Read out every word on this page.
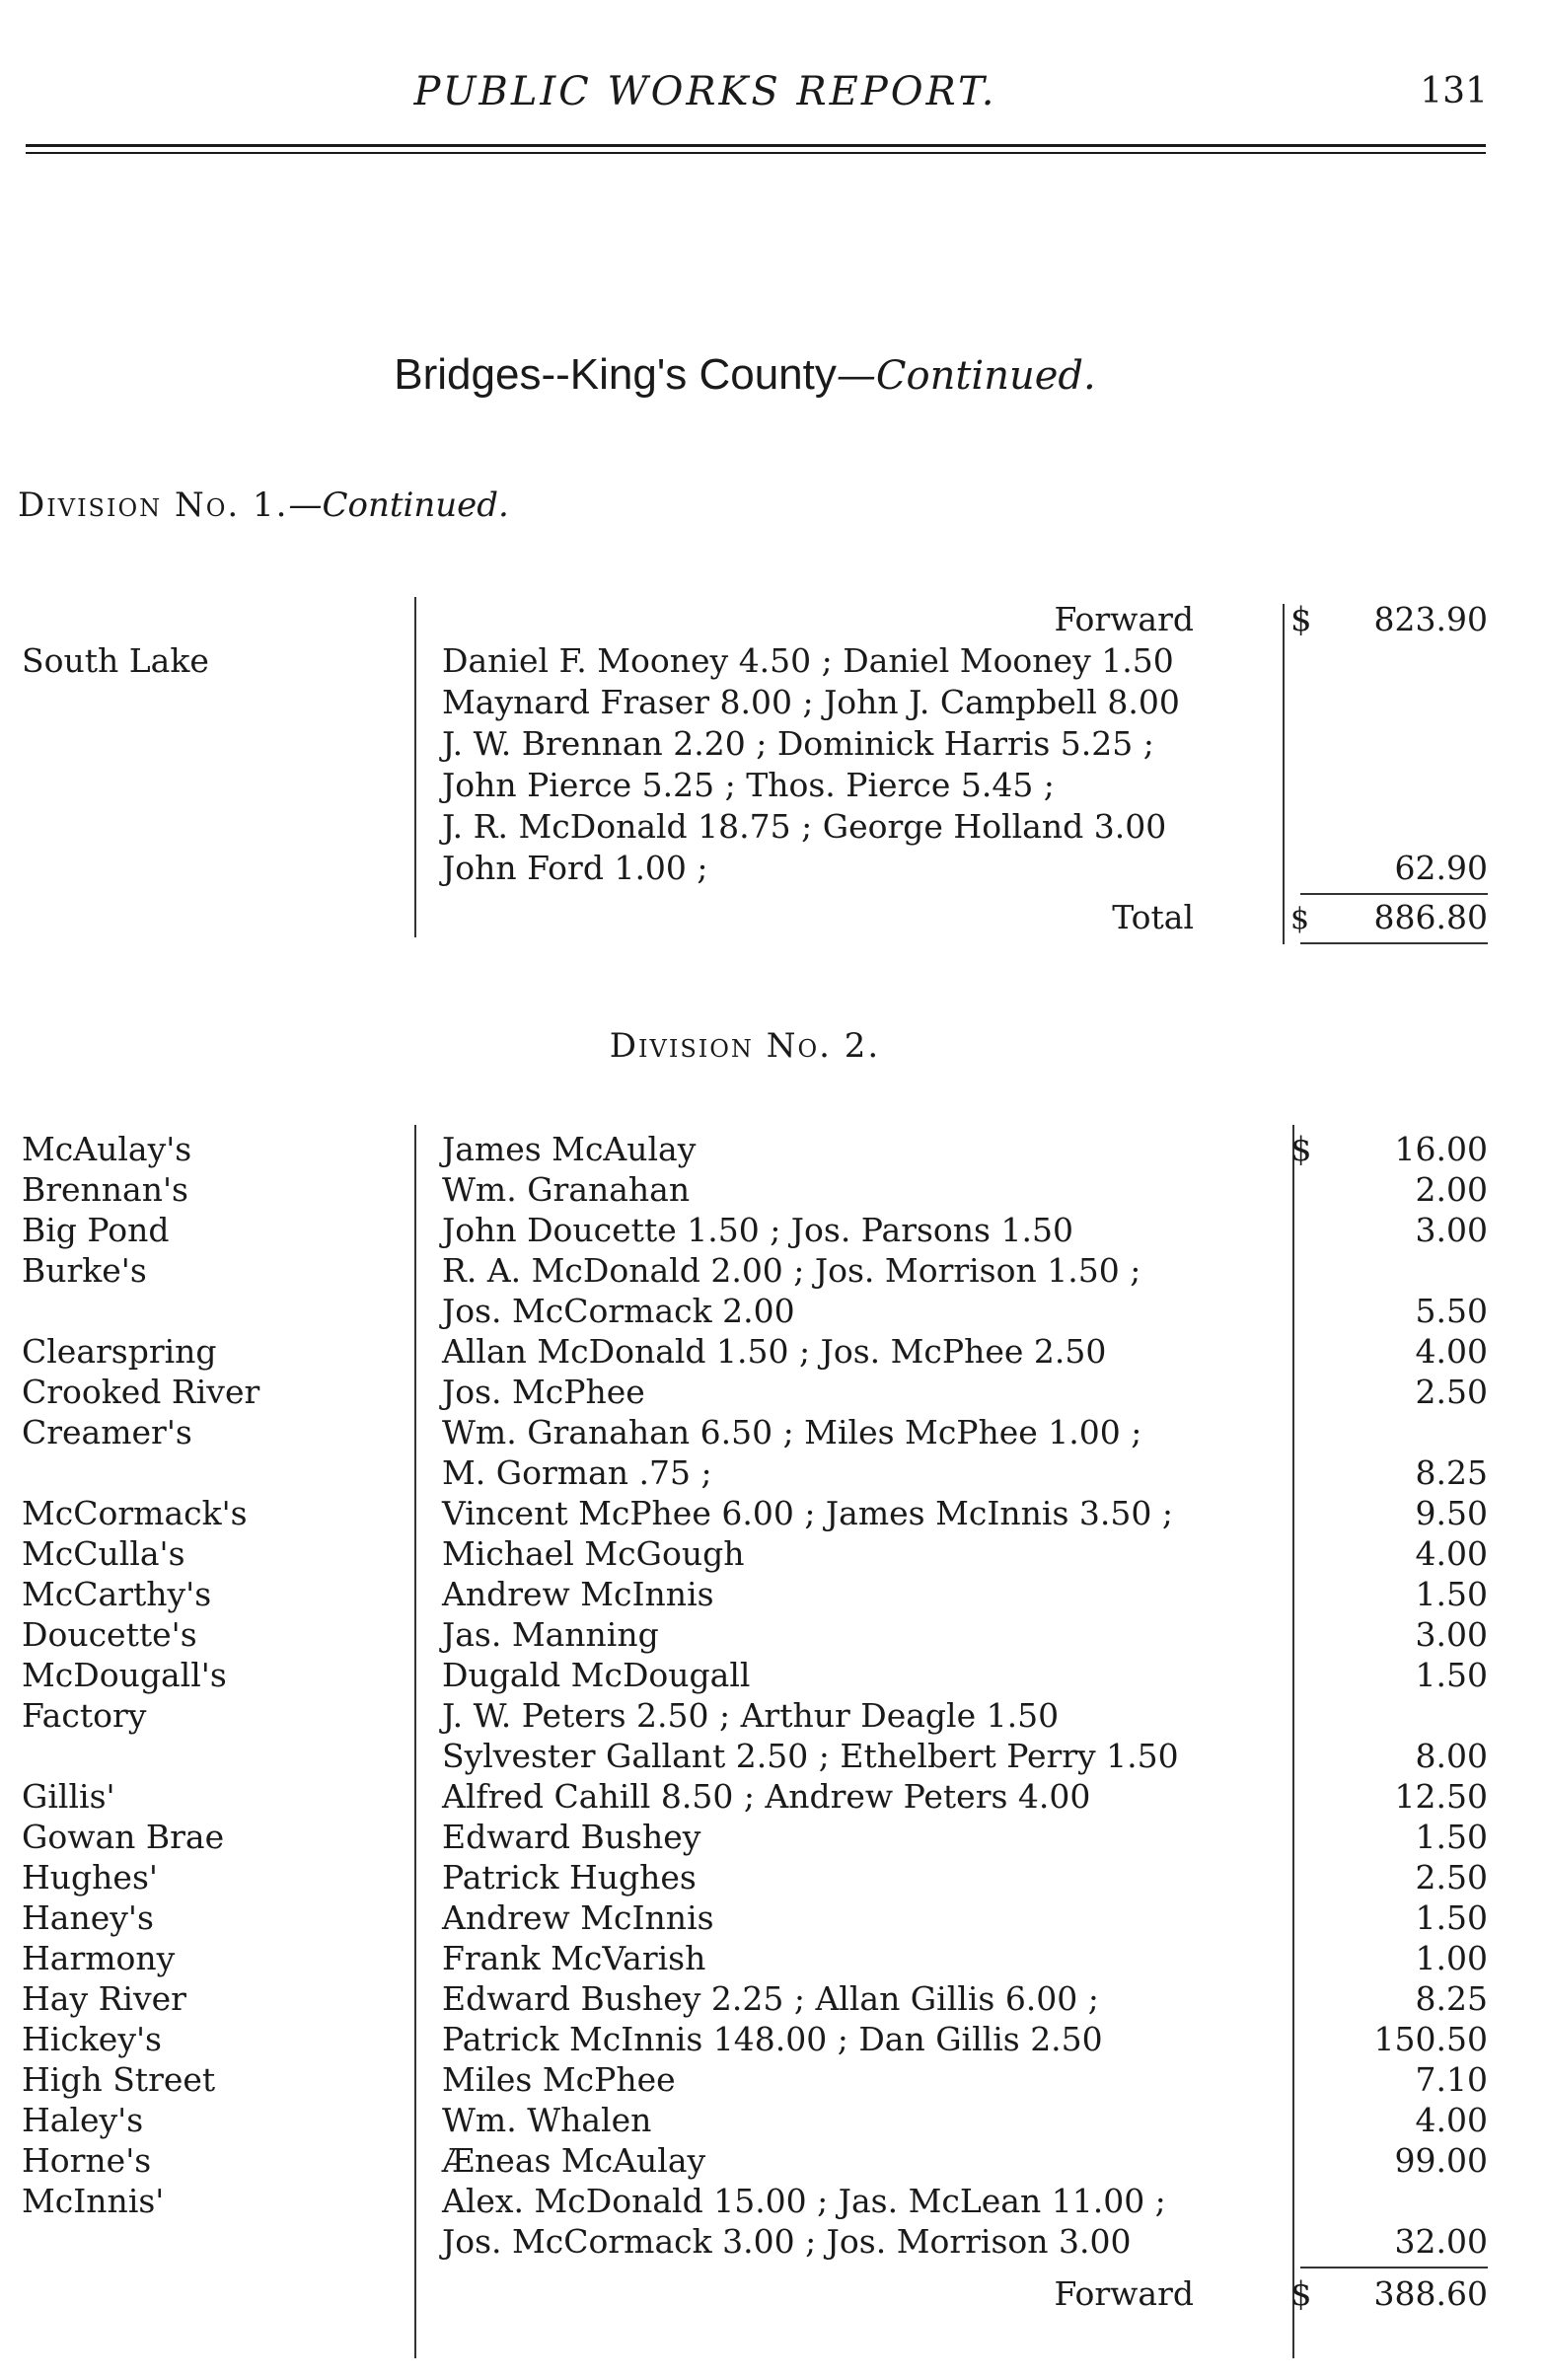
PUBLIC WORKS REPORT.	131
Bridges--King's County—Continued.
Division No. 1.—Continued.
Forward	$ 823.90
South Lake	Daniel F. Mooney 4.50 ; Daniel Mooney 1.50
Maynard Fraser 8.00 ; John J. Campbell 8.00
J. W. Brennan 2.20 ; Dominick Harris 5.25 ;
John Pierce 5.25 ; Thos. Pierce 5.45 ;
J. R. McDonald 18.75 ; George Holland 3.00
John Ford 1.00 ;	62.90
Total	$ 886.80
Division No. 2.
$
McAulay's	James McAulay	16.00
Brennan's	Wm. Granahan	2.00
Big Pond	John Doucette 1.50 ; Jos. Parsons 1.50	3.00
Burke's	R. A. McDonald 2.00 ; Jos. Morrison 1.50 ;
Jos. McCormack 2.00	5.50
Clearspring	Allan McDonald 1.50 ; Jos. McPhee 2.50	4.00
Crooked River	Jos. McPhee	2.50
Creamer's	Wm. Granahan 6.50 ; Miles McPhee 1.00 ;
M. Gorman .75 ;	8.25
McCormack's	Vincent McPhee 6.00 ; James McInnis 3.50 ;	9.50
McCulla's	Michael McGough	4.00
McCarthy's	Andrew McInnis	1.50
Doucette's	Jas. Manning	3.00
McDougall's	Dugald McDougall	1.50
Factory	J. W. Peters 2.50 ; Arthur Deagle 1.50
Sylvester Gallant 2.50 ; Ethelbert Perry 1.50	8.00
Gillis'	Alfred Cahill 8.50 ; Andrew Peters 4.00	12.50
Gowan Brae	Edward Bushey	1.50
Hughes'	Patrick Hughes	2.50
Haney's	Andrew McInnis	1.50
Harmony	Frank McVarish	1.00
Hay River	Edward Bushey 2.25 ; Allan Gillis 6.00 ;	8.25
Hickey's	Patrick McInnis 148.00 ; Dan Gillis 2.50	150.50
High Street	Miles McPhee	7.10
Haley's	Wm. Whalen	4.00
Horne's	Æneas McAulay	99.00
McInnis'	Alex. McDonald 15.00 ; Jas. McLean 11.00 ;
Jos. McCormack 3.00 ; Jos. Morrison 3.00	32.00
Forward	$ 388.60
